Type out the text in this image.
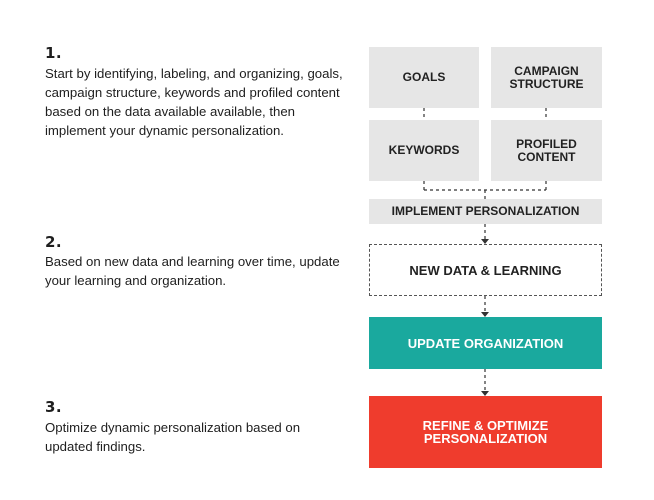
1.
Start by identifying, labeling, and organizing, goals, campaign structure, keywords and profiled content based on the data available available, then implement your dynamic personalization.
2.
Based on new data and learning over time, update your learning and organization.
3.
Optimize dynamic personalization based on updated findings.
GOALS	CAMPAIGN
STRUCTURE
KEYWORDS	PROFILED
CONTENT
IMPLEMENT PERSONALIZATION
NEW DATA & LEARNING
UPDATE ORGANIZATION
REFINE & OPTIMIZE
PERSONALIZATION
